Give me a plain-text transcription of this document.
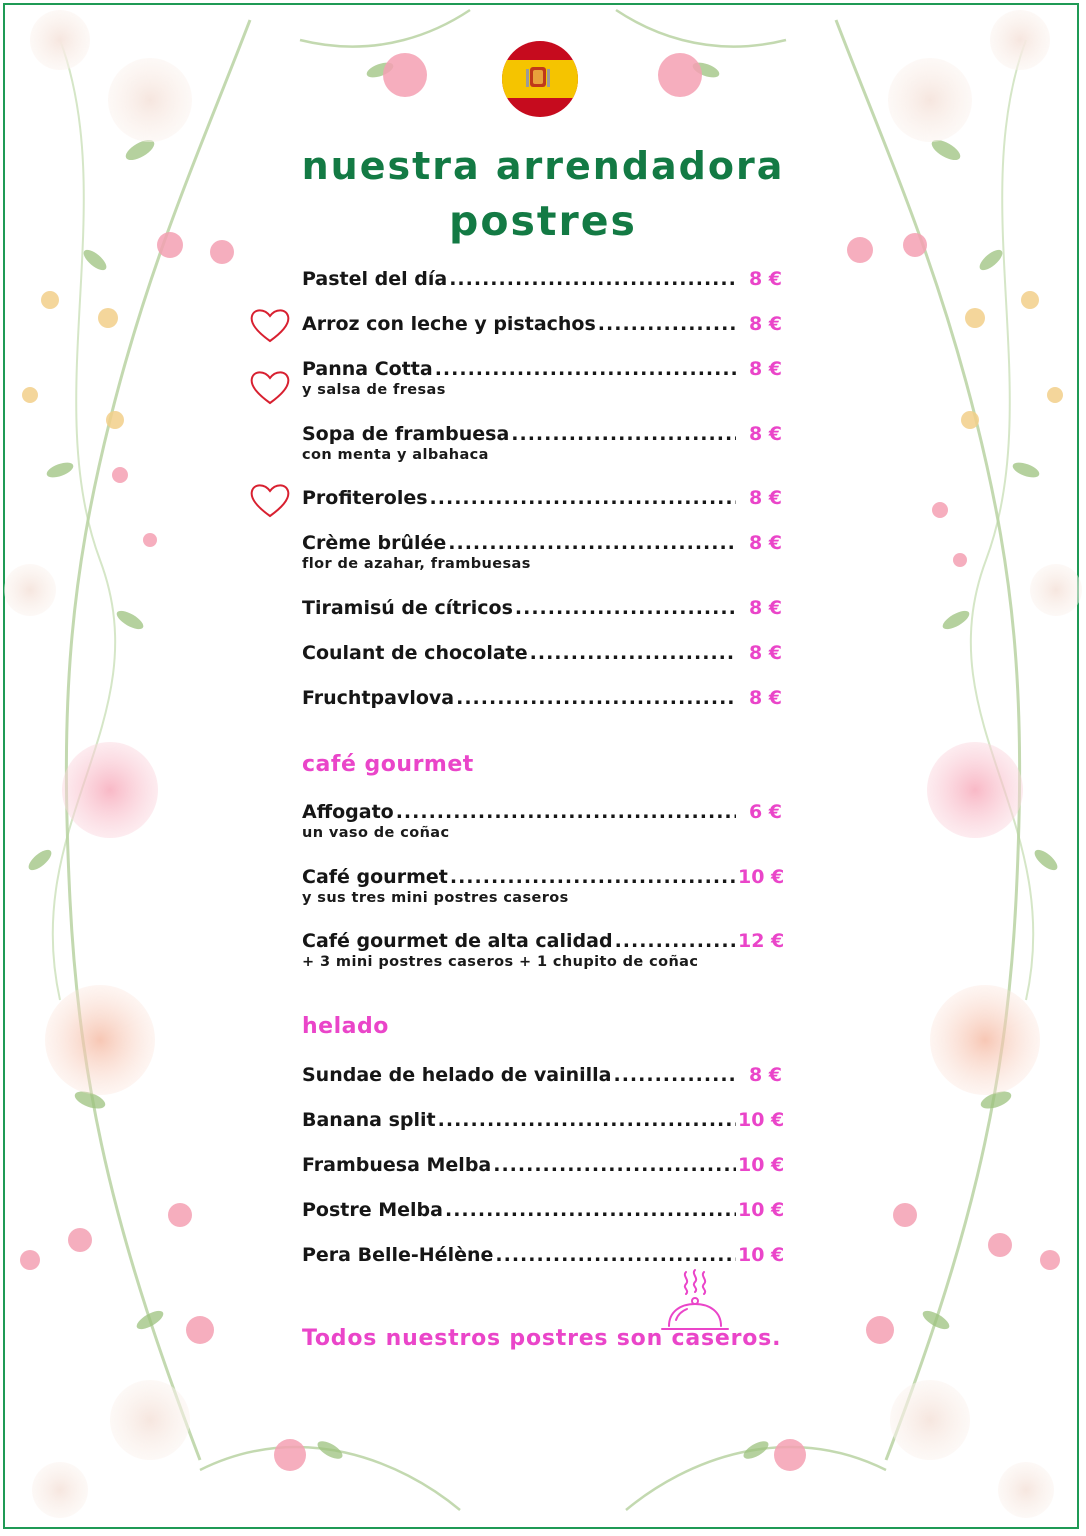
nuestra arrendadora
postres
Pastel del día .....	8 €
Arroz con leche y pistachos .....	8 €
Panna Cotta .....	8 €
y salsa de fresas
Sopa de frambuesa .....	8 €
con menta y albahaca
Profiteroles .....	8 €
Crème brûlée .....	8 €
flor de azahar, frambuesas
Tiramisú de cítricos .....	8 €
Coulant de chocolate .....	8 €
Fruchtpavlova .....	8 €
café gourmet
Affogato .....	6 €
un vaso de coñac
Café gourmet .....	10 €
y sus tres mini postres caseros
Café gourmet de alta calidad .....	12 €
+ 3 mini postres caseros + 1 chupito de coñac
helado
Sundae de helado de vainilla .....	8 €
Banana split .....	10 €
Frambuesa Melba .....	10 €
Postre Melba .....	10 €
Pera Belle-Hélène .....	10 €

Todos nuestros postres son caseros.
